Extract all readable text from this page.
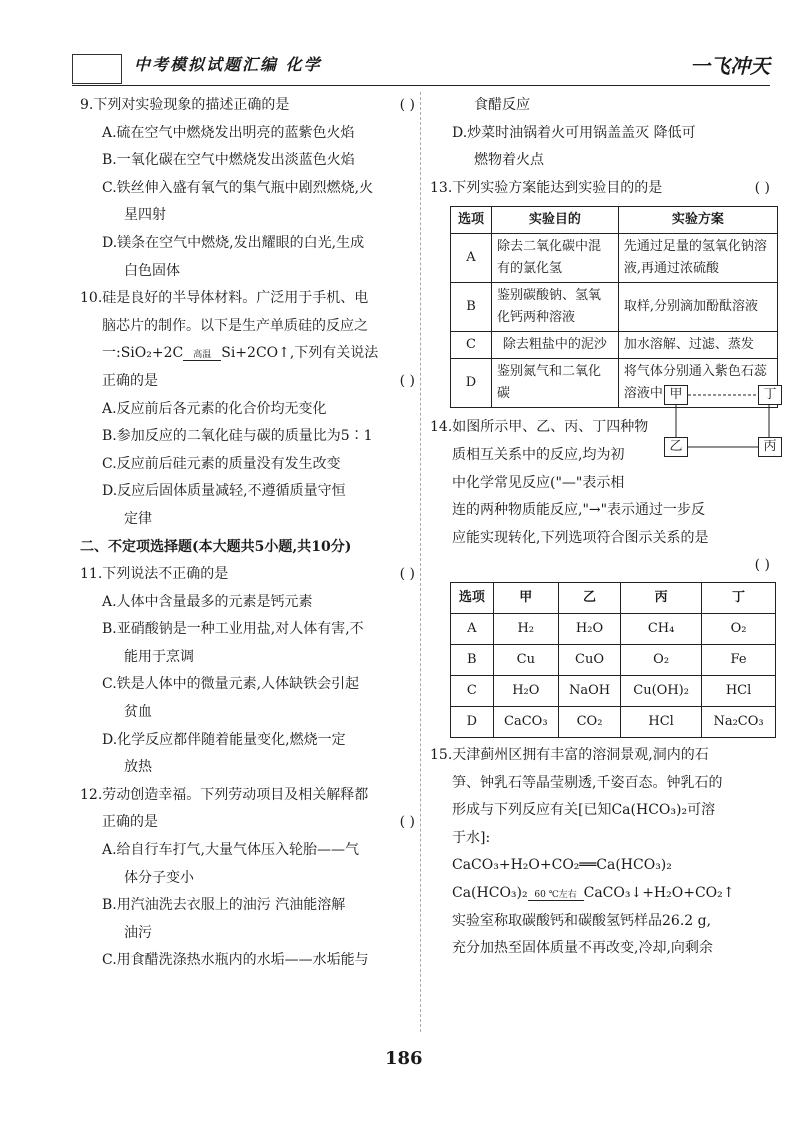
中考模拟试题汇编 化学	一飞冲天
9.下列对实验现象的描述正确的是	( )
A.硫在空气中燃烧发出明亮的蓝紫色火焰
B.一氧化碳在空气中燃烧发出淡蓝色火焰
C.铁丝伸入盛有氧气的集气瓶中剧烈燃烧,火
星四射
D.镁条在空气中燃烧,发出耀眼的白光,生成
白色固体
10.硅是良好的半导体材料。广泛用于手机、电
脑芯片的制作。以下是生产单质硅的反应之
一:SiO₂+2C 高温 Si+2CO↑,下列有关说法
正确的是	( )
A.反应前后各元素的化合价均无变化
B.参加反应的二氧化硅与碳的质量比为5∶1
C.反应前后硅元素的质量没有发生改变
D.反应后固体质量减轻,不遵循质量守恒
定律
二、不定项选择题(本大题共5小题,共10分)
11.下列说法不正确的是	( )
A.人体中含量最多的元素是钙元素
B.亚硝酸钠是一种工业用盐,对人体有害,不
能用于烹调
C.铁是人体中的微量元素,人体缺铁会引起
贫血
D.化学反应都伴随着能量变化,燃烧一定
放热
12.劳动创造幸福。下列劳动项目及相关解释都
正确的是	( )
A.给自行车打气,大量气体压入轮胎——气
体分子变小
B.用汽油洗去衣服上的油污 汽油能溶解
油污
C.用食醋洗涤热水瓶内的水垢——水垢能与
食醋反应
D.炒菜时油锅着火可用锅盖盖灭 降低可
燃物着火点
13.下列实验方案能达到实验目的的是	( )
选项	实验目的	实验方案
A	除去二氧化碳中混有的氯化氢	先通过足量的氢氧化钠溶液,再通过浓硫酸
B	鉴别碳酸钠、氢氧化钙两种溶液	取样,分别滴加酚酞溶液
C	除去粗盐中的泥沙	加水溶解、过滤、蒸发
D	鉴别氮气和二氧化碳	将气体分别通入紫色石蕊溶液中
14.如图所示甲、乙、丙、丁四种物
质相互关系中的反应,均为初
中化学常见反应("—"表示相
连的两种物质能反应,"→"表示通过一步反
应能实现转化,下列选项符合图示关系的是
( )
选项	甲	乙	丙	丁
A	H₂	H₂O	CH₄	O₂
B	Cu	CuO	O₂	Fe
C	H₂O	NaOH	Cu(OH)₂	HCl
D	CaCO₃	CO₂	HCl	Na₂CO₃
15.天津蓟州区拥有丰富的溶洞景观,洞内的石
笋、钟乳石等晶莹剔透,千姿百态。钟乳石的
形成与下列反应有关[已知Ca(HCO₃)₂可溶
于水]:
CaCO₃+H₂O+CO₂══Ca(HCO₃)₂
Ca(HCO₃)₂ 60 ℃左右 CaCO₃↓+H₂O+CO₂↑
实验室称取碳酸钙和碳酸氢钙样品26.2 g,
充分加热至固体质量不再改变,冷却,向剩余
甲	丁
乙	丙
186
